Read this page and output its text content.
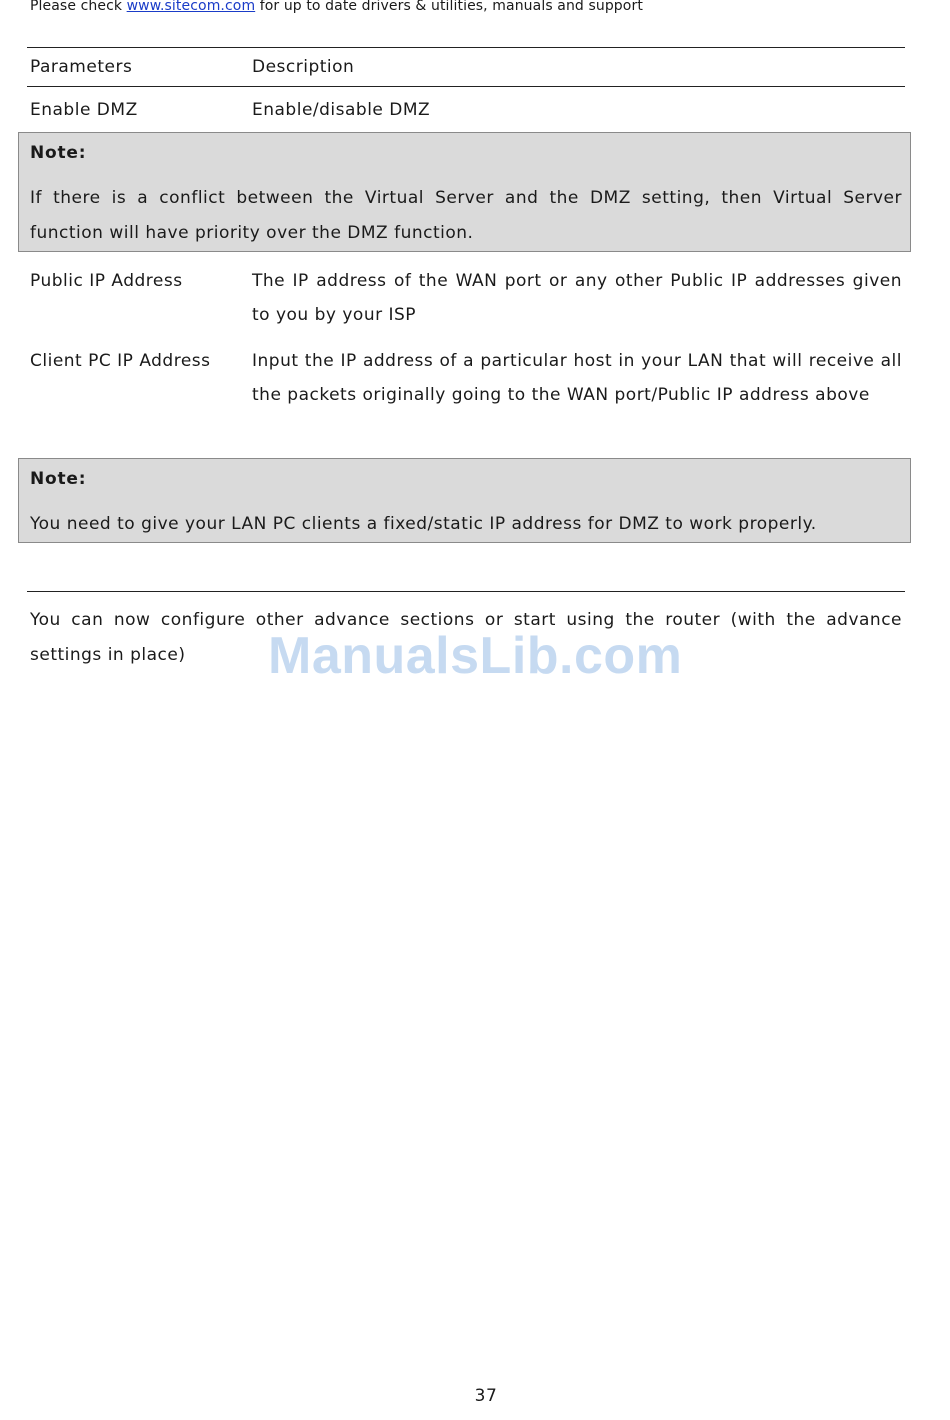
Please check www.sitecom.com for up to date drivers & utilities, manuals and support
Parameters	Description
Enable DMZ	Enable/disable DMZ
Note:
If there is a conflict between the Virtual Server and the DMZ setting, then Virtual Server function will have priority over the DMZ function.
Public IP Address	The IP address of the WAN port or any other Public IP addresses given to you by your ISP
Client PC IP Address	Input the IP address of a particular host in your LAN that will receive all the packets originally going to the WAN port/Public IP address above
Note:
You need to give your LAN PC clients a fixed/static IP address for DMZ to work properly.
You can now configure other advance sections or start using the router (with the advance settings in place)	ManualsLib.com
37
